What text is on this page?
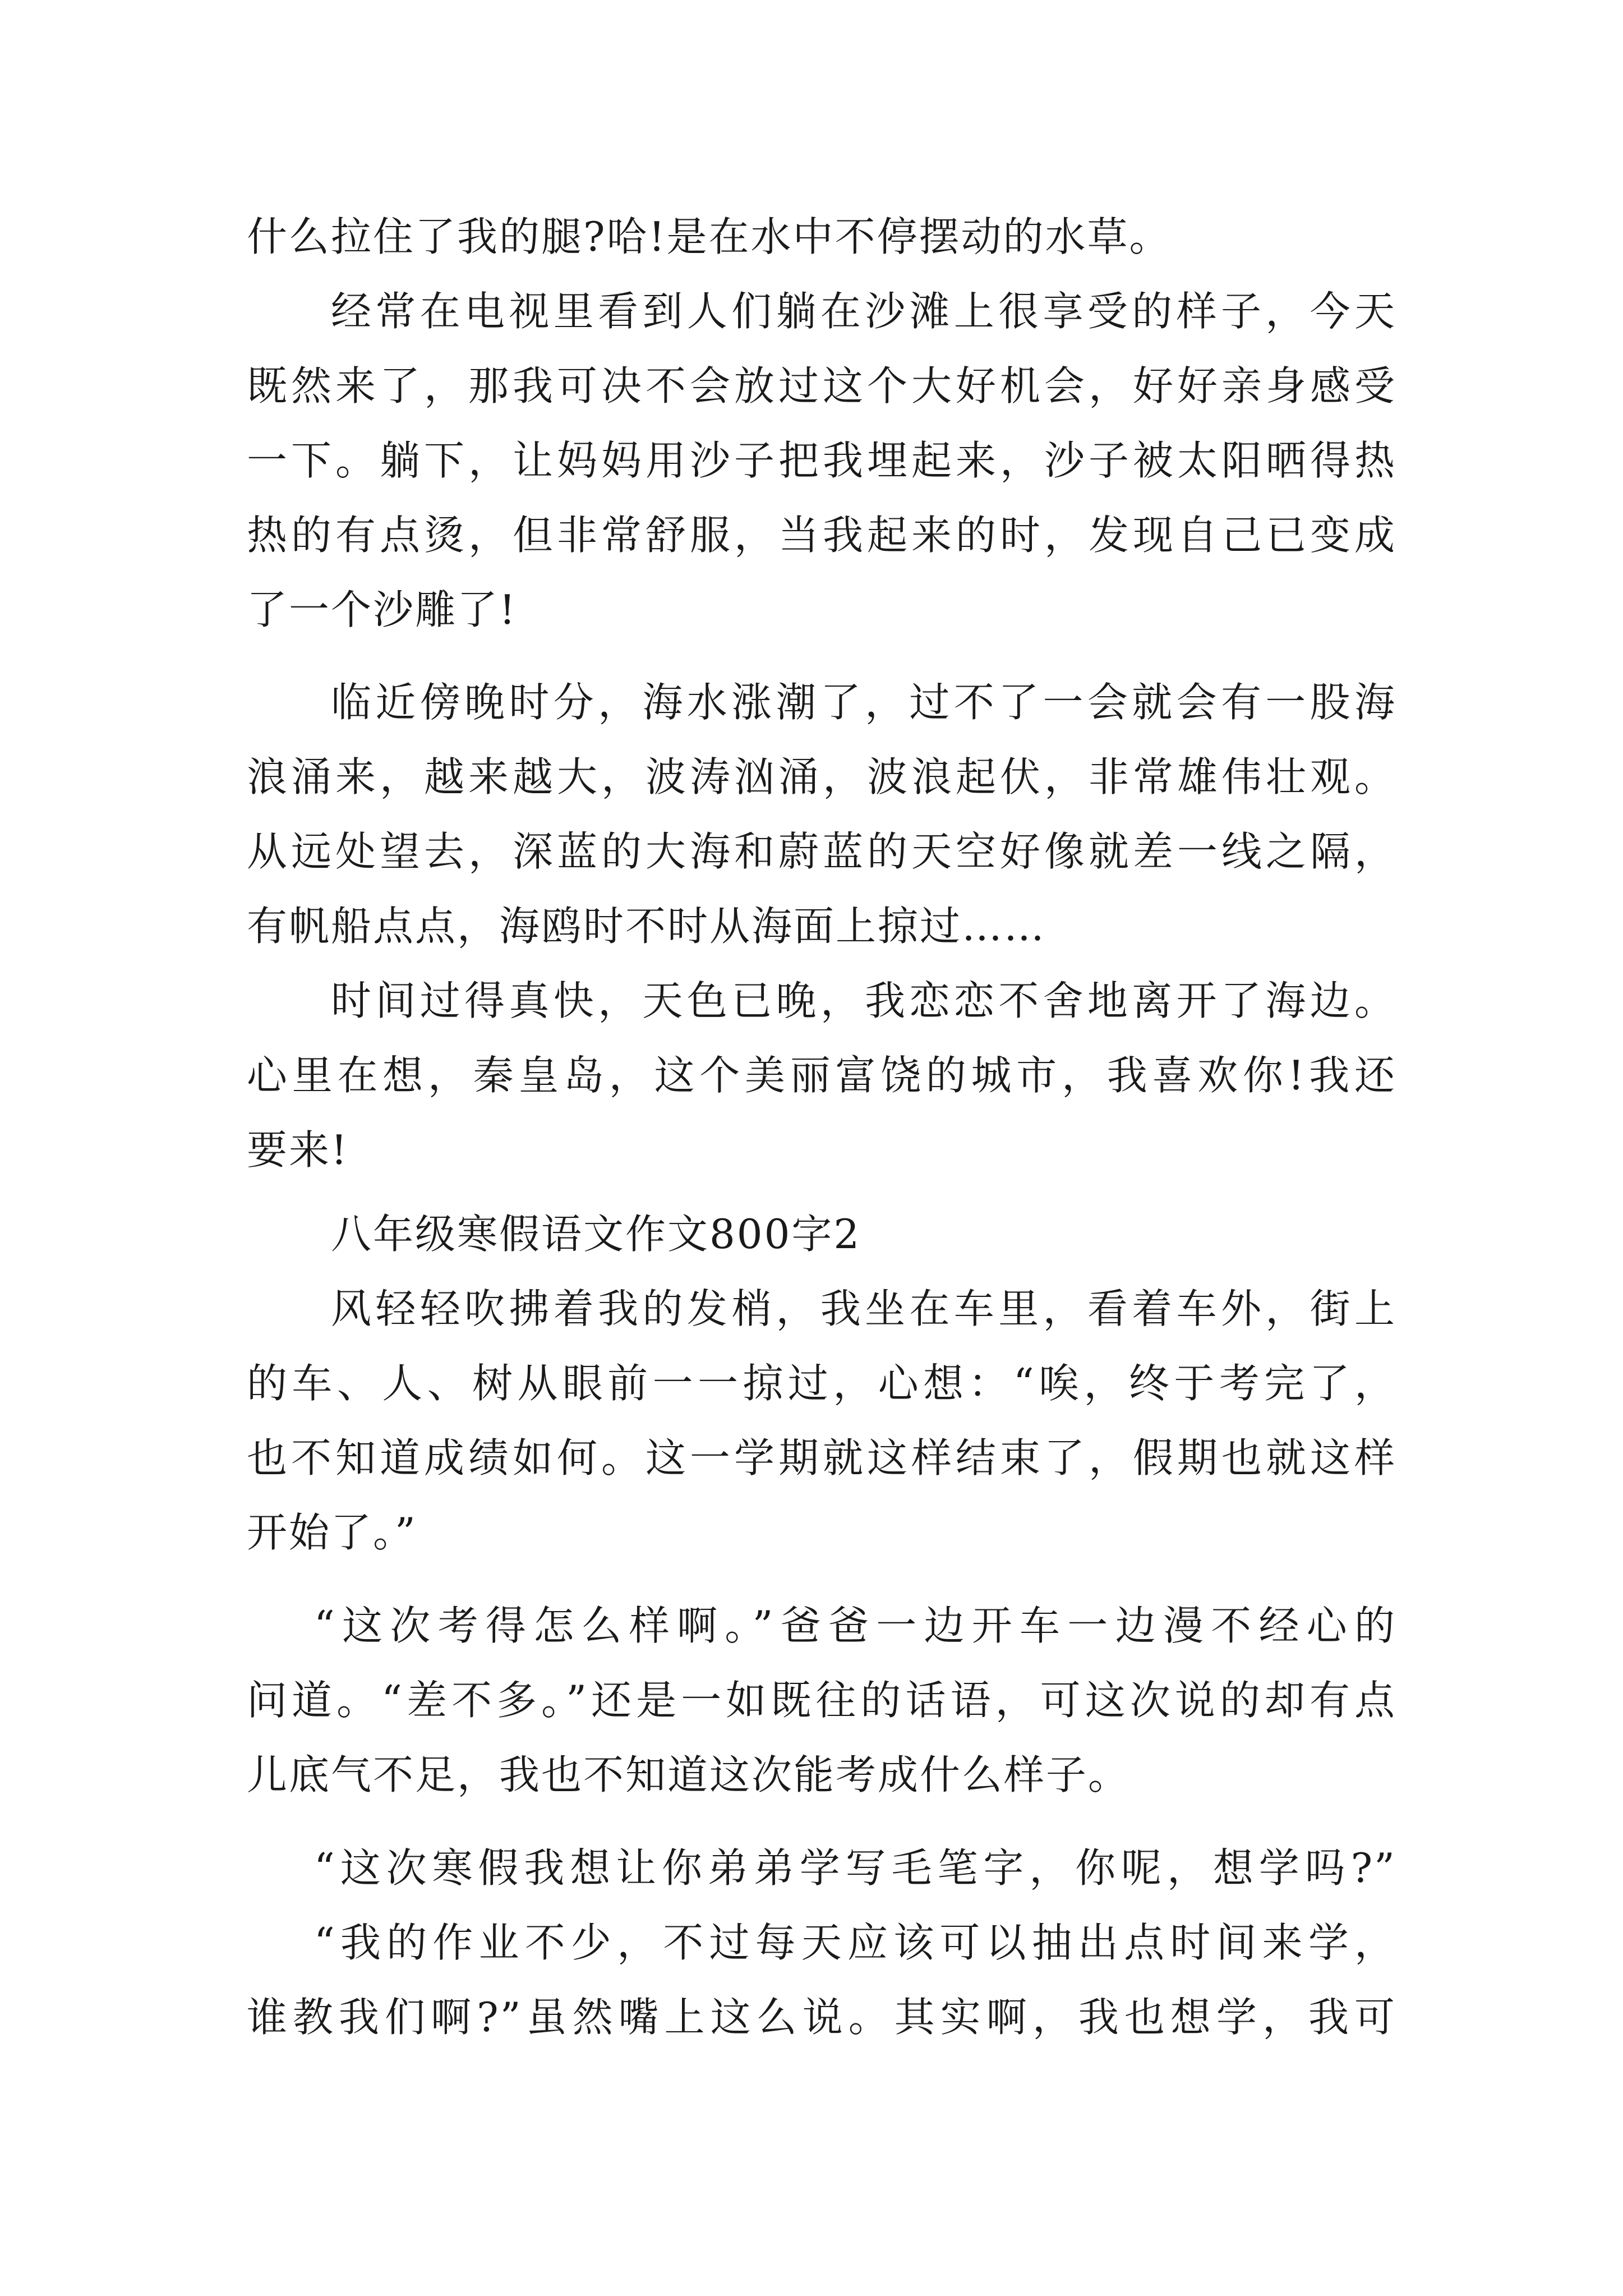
什么拉住了我的腿?哈!是在水中不停摆动的水草。
经常在电视里看到人们躺在沙滩上很享受的样子，今天
既然来了，那我可决不会放过这个大好机会，好好亲身感受
一下。躺下，让妈妈用沙子把我埋起来，沙子被太阳晒得热
热的有点烫，但非常舒服，当我起来的时，发现自己已变成
了一个沙雕了!
临近傍晚时分，海水涨潮了，过不了一会就会有一股海
浪涌来，越来越大，波涛汹涌，波浪起伏，非常雄伟壮观。
从远处望去，深蓝的大海和蔚蓝的天空好像就差一线之隔，
有帆船点点，海鸥时不时从海面上掠过……
时间过得真快，天色已晚，我恋恋不舍地离开了海边。
心里在想，秦皇岛，这个美丽富饶的城市，我喜欢你!我还
要来!
八年级寒假语文作文800字2
风轻轻吹拂着我的发梢，我坐在车里，看着车外，街上
的车、人、树从眼前一一掠过，心想：“唉，终于考完了，
也不知道成绩如何。这一学期就这样结束了，假期也就这样
开始了。”
“这次考得怎么样啊。”爸爸一边开车一边漫不经心的
问道。“差不多。”还是一如既往的话语，可这次说的却有点
儿底气不足，我也不知道这次能考成什么样子。
“这次寒假我想让你弟弟学写毛笔字，你呢，想学吗?”
“我的作业不少，不过每天应该可以抽出点时间来学，
谁教我们啊?”虽然嘴上这么说。其实啊，我也想学，我可
